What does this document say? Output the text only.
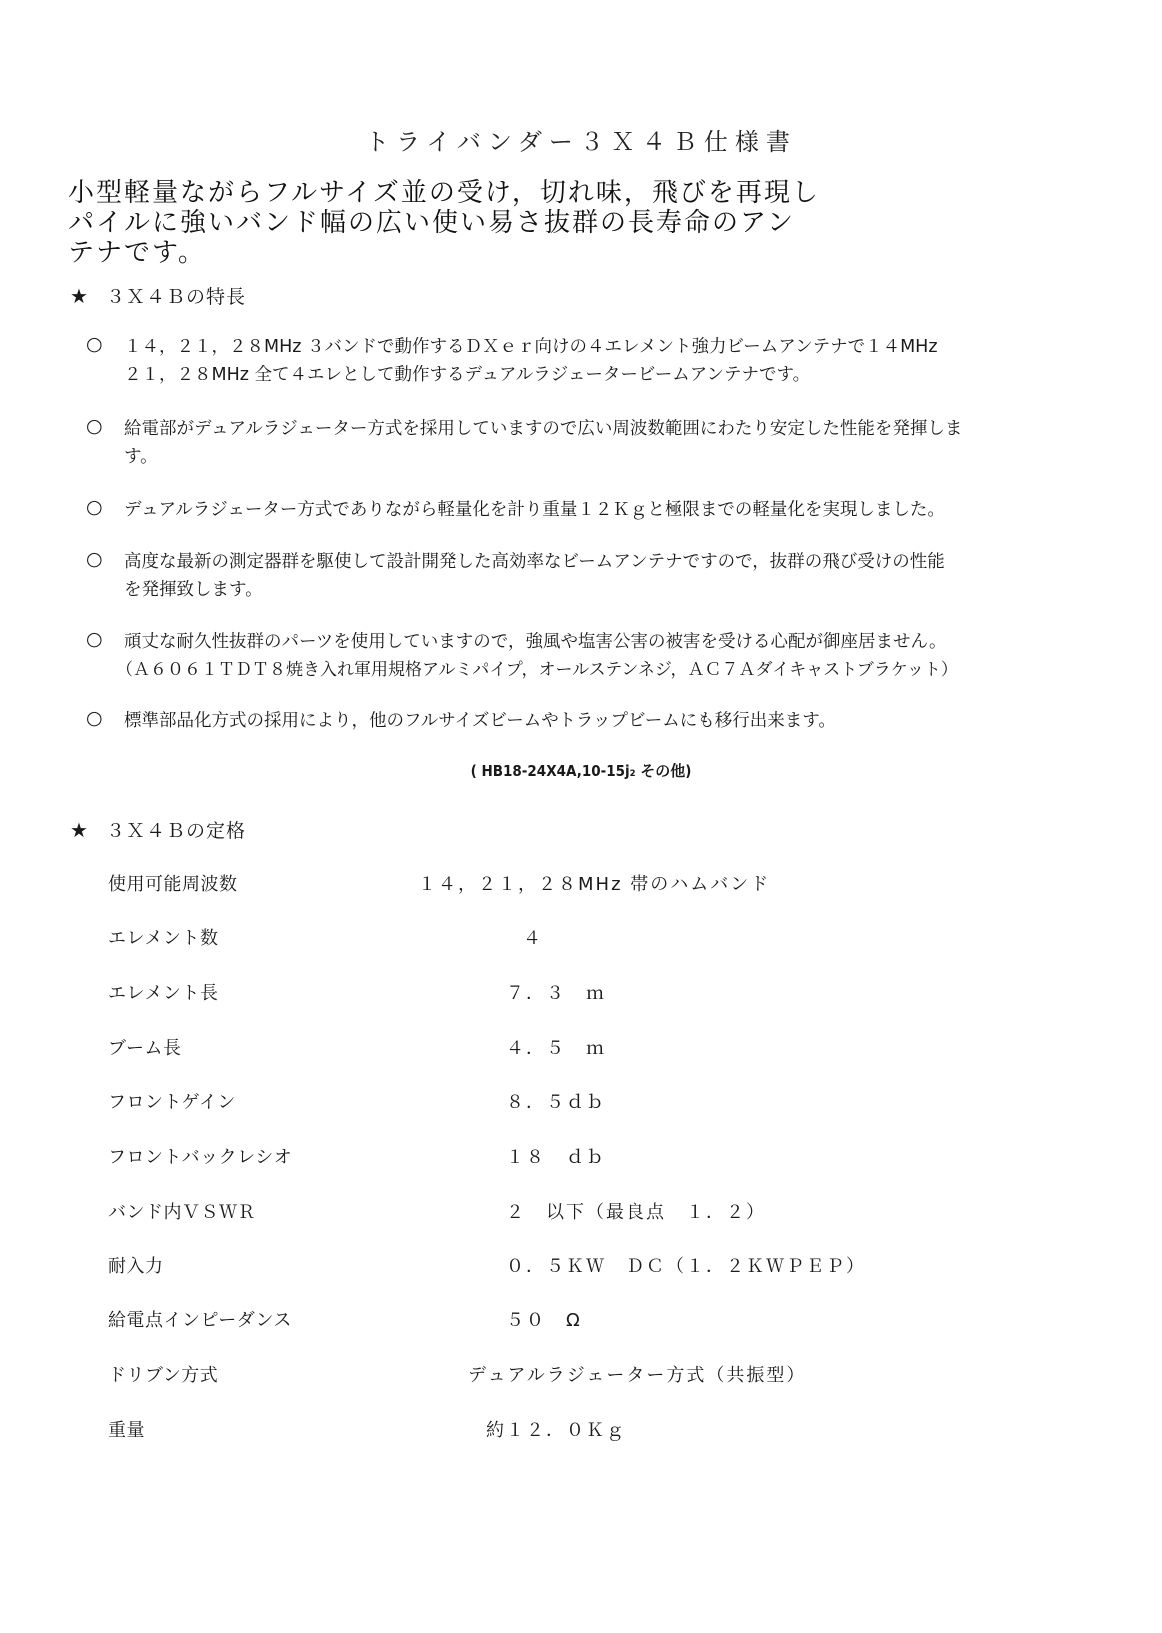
トライバンダー３Ｘ４Ｂ仕様書
小型軽量ながらフルサイズ並の受け，切れ味，飛びを再現し
パイルに強いバンド幅の広い使い易さ抜群の長寿命のアン
テナです。
★ ３Ｘ４Ｂの特長
○	１４，２１，２８MHz ３バンドで動作するＤＸｅｒ向けの４エレメント強力ビームアンテナで１４MHz
２１，２８MHz 全て４エレとして動作するデュアルラジェータービームアンテナです。
○	給電部がデュアルラジェーター方式を採用していますので広い周波数範囲にわたり安定した性能を発揮しま
す。
○	デュアルラジェーター方式でありながら軽量化を計り重量１２Ｋｇと極限までの軽量化を実現しました。
○	高度な最新の測定器群を駆使して設計開発した高効率なビームアンテナですので，抜群の飛び受けの性能
を発揮致します。
○	頑丈な耐久性抜群のパーツを使用していますので，強風や塩害公害の被害を受ける心配が御座居ません。
（Ａ６０６１ＴＤＴ８焼き入れ軍用規格アルミパイプ，オールステンネジ，ＡＣ７Ａダイキャストブラケット）
○	標準部品化方式の採用により，他のフルサイズビームやトラップビームにも移行出来ます。
( HB18-24X4A,10-15j₂ その他)
★ ３Ｘ４Ｂの定格
使用可能周波数	１４，２１，２８MHz 帯のハムバンド
エレメント数	４
エレメント長	７．３　ｍ
ブーム長	４．５　ｍ
フロントゲイン	８．５ｄｂ
フロントバックレシオ	１８　ｄｂ
バンド内ＶＳＷＲ	２　以下（最良点　１．２）
耐入力	０．５ＫＷ　ＤＣ（１．２ＫＷＰＥＰ）
給電点インピーダンス	５０　Ω
ドリブン方式	デュアルラジェーター方式（共振型）
重量	約１２．０Ｋｇ
